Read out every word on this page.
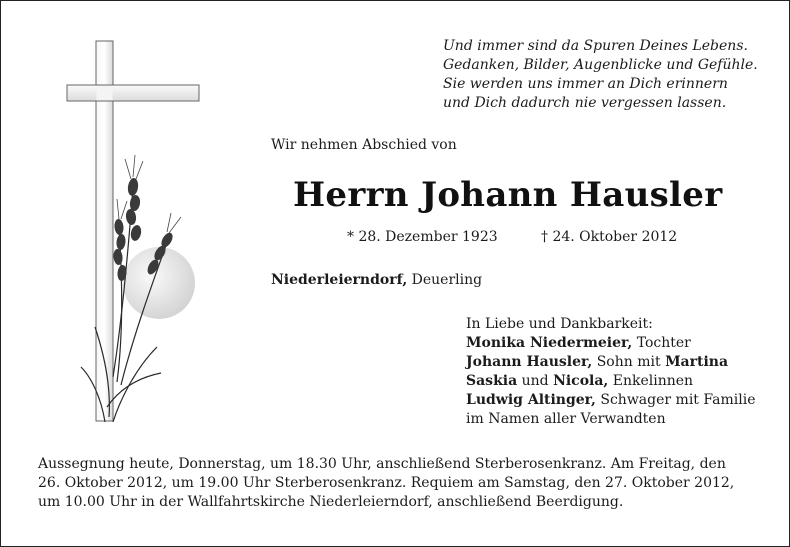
Und immer sind da Spuren Deines Lebens.
Gedanken, Bilder, Augenblicke und Gefühle.
Sie werden uns immer an Dich erinnern
und Dich dadurch nie vergessen lassen.
Wir nehmen Abschied von
Herrn Johann Hausler
* 28. Dezember 1923	† 24. Oktober 2012
Niederleierndorf, Deuerling
In Liebe und Dankbarkeit:
Monika Niedermeier, Tochter
Johann Hausler, Sohn mit Martina
Saskia und Nicola, Enkelinnen
Ludwig Altinger, Schwager mit Familie
im Namen aller Verwandten
Aussegnung heute, Donnerstag, um 18.30 Uhr, anschließend Sterberosenkranz. Am Freitag, den
26. Oktober 2012, um 19.00 Uhr Sterberosenkranz. Requiem am Samstag, den 27. Oktober 2012,
um 10.00 Uhr in der Wallfahrtskirche Niederleierndorf, anschließend Beerdigung.
